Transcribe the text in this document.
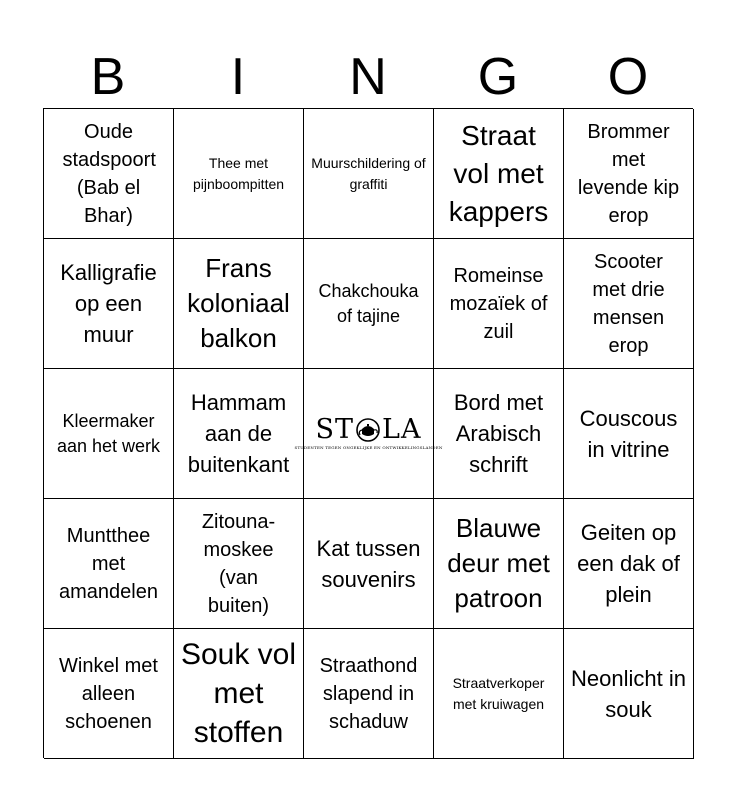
B	I	N	G	O
Oude stadspoort (Bab el Bhar)
Thee met pijnboompitten
Muurschildering of graffiti
Straat vol met kappers
Brommer met levende kip erop
Kalligrafie op een muur
Frans koloniaal balkon
Chakchouka of tajine
Romeinse mozaïek of zuil
Scooter met drie mensen erop
Kleermaker aan het werk
Hammam aan de buitenkant
ST LA
STUDENTEN TEGEN ONGEKLIJKE EN ONTWIKKELINGSLANDEN
Bord met Arabisch schrift
Couscous in vitrine
Muntthee met amandelen
Zitouna-moskee (van buiten)
Kat tussen souvenirs
Blauwe deur met patroon
Geiten op een dak of plein
Winkel met alleen schoenen
Souk vol met stoffen
Straathond slapend in schaduw
Straatverkoper met kruiwagen
Neonlicht in souk
